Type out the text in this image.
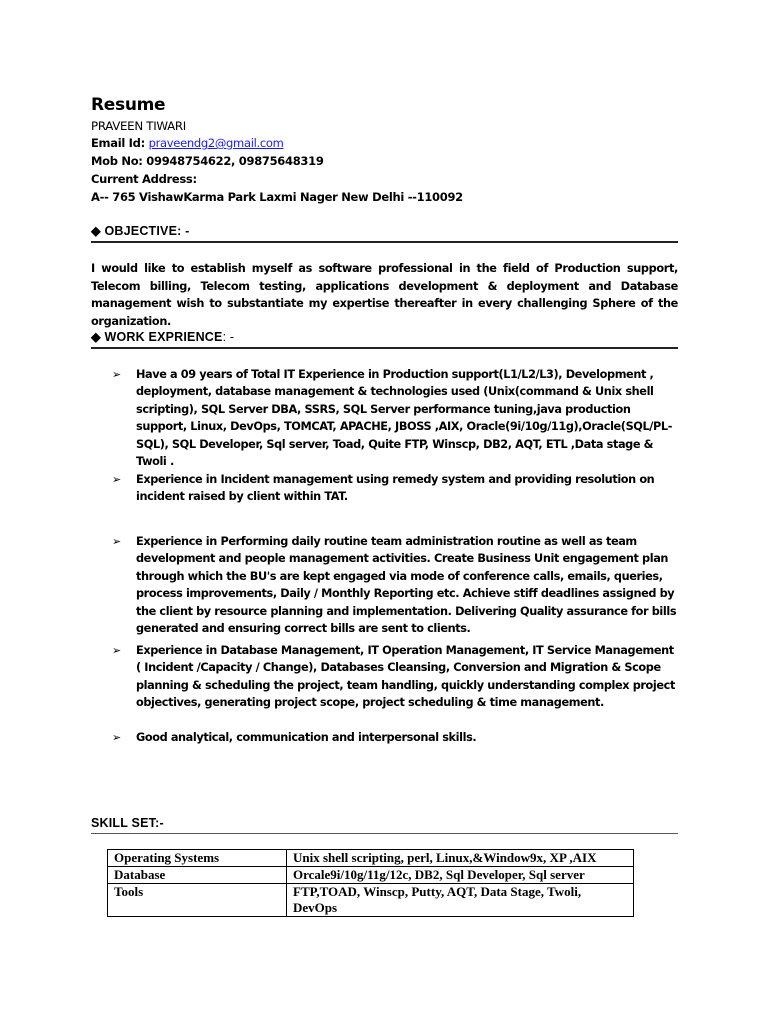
Resume
PRAVEEN TIWARI
Email Id: praveendg2@gmail.com
Mob No: 09948754622, 09875648319
Current Address:
A-- 765 VishawKarma Park Laxmi Nager New Delhi --110092
◆ OBJECTIVE: -
I would like to establish myself as software professional in the field of Production support, Telecom billing, Telecom testing, applications development & deployment and Database management wish to substantiate my expertise thereafter in every challenging Sphere of the organization.
◆ WORK EXPRIENCE: -
➢	Have a 09 years of Total IT Experience in Production support(L1/L2/L3), Development , deployment, database management & technologies used (Unix(command & Unix shell scripting), SQL Server DBA, SSRS, SQL Server performance tuning,java production support, Linux, DevOps, TOMCAT, APACHE, JBOSS ,AIX, Oracle(9i/10g/11g),Oracle(SQL/PL-SQL), SQL Developer, Sql server, Toad, Quite FTP, Winscp, DB2, AQT, ETL ,Data stage & Twoli .
➢	Experience in Incident management using remedy system and providing resolution on incident raised by client within TAT.
➢	Experience in Performing daily routine team administration routine as well as team development and people management activities. Create Business Unit engagement plan through which the BU's are kept engaged via mode of conference calls, emails, queries, process improvements, Daily / Monthly Reporting etc. Achieve stiff deadlines assigned by the client by resource planning and implementation. Delivering Quality assurance for bills generated and ensuring correct bills are sent to clients.
➢	Experience in Database Management, IT Operation Management, IT Service Management ( Incident /Capacity / Change), Databases Cleansing, Conversion and Migration & Scope planning & scheduling the project, team handling, quickly understanding complex project objectives, generating project scope, project scheduling & time management.
➢	Good analytical, communication and interpersonal skills.
SKILL SET:-
Operating Systems	Unix shell scripting, perl, Linux,&Window9x, XP ,AIX
Database	Orcale9i/10g/11g/12c, DB2, Sql Developer, Sql server
Tools	FTP,TOAD, Winscp, Putty, AQT, Data Stage, Twoli, DevOps
